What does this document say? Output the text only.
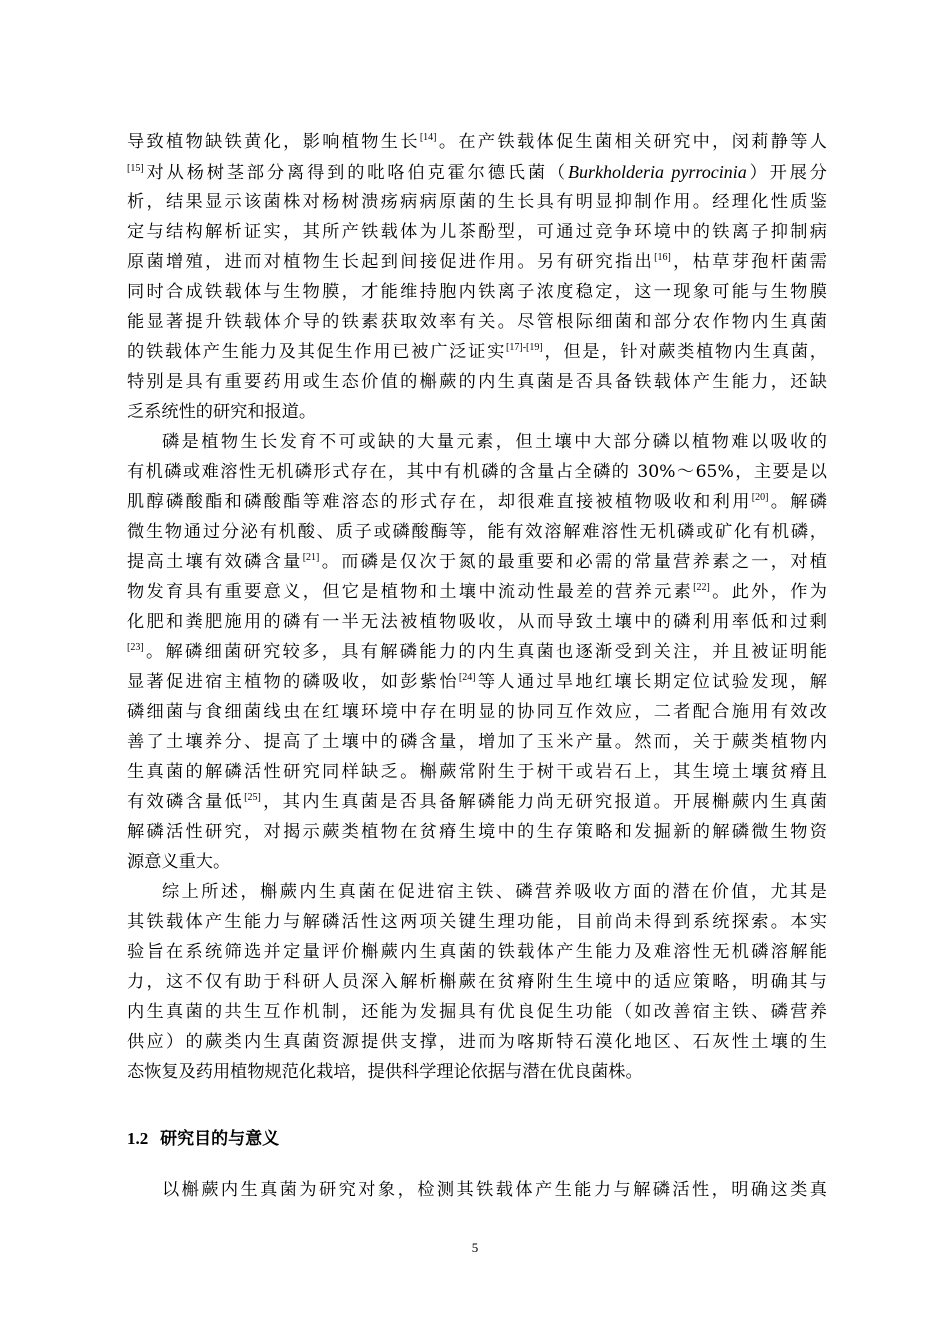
导致植物缺铁黄化，影响植物生长[14]。在产铁载体促生菌相关研究中，闵莉静等人
[15]对从杨树茎部分离得到的吡咯伯克霍尔德氏菌（Burkholderia pyrrocinia）开展分
析，结果显示该菌株对杨树溃疡病病原菌的生长具有明显抑制作用。经理化性质鉴
定与结构解析证实，其所产铁载体为儿茶酚型，可通过竞争环境中的铁离子抑制病
原菌增殖，进而对植物生长起到间接促进作用。另有研究指出[16]，枯草芽孢杆菌需
同时合成铁载体与生物膜，才能维持胞内铁离子浓度稳定，这一现象可能与生物膜
能显著提升铁载体介导的铁素获取效率有关。尽管根际细菌和部分农作物内生真菌
的铁载体产生能力及其促生作用已被广泛证实[17]-[19]，但是，针对蕨类植物内生真菌，
特别是具有重要药用或生态价值的槲蕨的内生真菌是否具备铁载体产生能力，还缺
乏系统性的研究和报道。
磷是植物生长发育不可或缺的大量元素，但土壤中大部分磷以植物难以吸收的
有机磷或难溶性无机磷形式存在，其中有机磷的含量占全磷的 30%～65%，主要是以
肌醇磷酸酯和磷酸酯等难溶态的形式存在，却很难直接被植物吸收和利用[20]。解磷
微生物通过分泌有机酸、质子或磷酸酶等，能有效溶解难溶性无机磷或矿化有机磷，
提高土壤有效磷含量[21]。而磷是仅次于氮的最重要和必需的常量营养素之一，对植
物发育具有重要意义，但它是植物和土壤中流动性最差的营养元素[22]。此外，作为
化肥和粪肥施用的磷有一半无法被植物吸收，从而导致土壤中的磷利用率低和过剩
[23]。解磷细菌研究较多，具有解磷能力的内生真菌也逐渐受到关注，并且被证明能
显著促进宿主植物的磷吸收，如彭紫怡[24]等人通过旱地红壤长期定位试验发现，解
磷细菌与食细菌线虫在红壤环境中存在明显的协同互作效应，二者配合施用有效改
善了土壤养分、提高了土壤中的磷含量，增加了玉米产量。然而，关于蕨类植物内
生真菌的解磷活性研究同样缺乏。槲蕨常附生于树干或岩石上，其生境土壤贫瘠且
有效磷含量低[25]，其内生真菌是否具备解磷能力尚无研究报道。开展槲蕨内生真菌
解磷活性研究，对揭示蕨类植物在贫瘠生境中的生存策略和发掘新的解磷微生物资
源意义重大。
综上所述，槲蕨内生真菌在促进宿主铁、磷营养吸收方面的潜在价值，尤其是
其铁载体产生能力与解磷活性这两项关键生理功能，目前尚未得到系统探索。本实
验旨在系统筛选并定量评价槲蕨内生真菌的铁载体产生能力及难溶性无机磷溶解能
力，这不仅有助于科研人员深入解析槲蕨在贫瘠附生生境中的适应策略，明确其与
内生真菌的共生互作机制，还能为发掘具有优良促生功能（如改善宿主铁、磷营养
供应）的蕨类内生真菌资源提供支撑，进而为喀斯特石漠化地区、石灰性土壤的生
态恢复及药用植物规范化栽培，提供科学理论依据与潜在优良菌株。
1.2 研究目的与意义
以槲蕨内生真菌为研究对象，检测其铁载体产生能力与解磷活性，明确这类真
5
